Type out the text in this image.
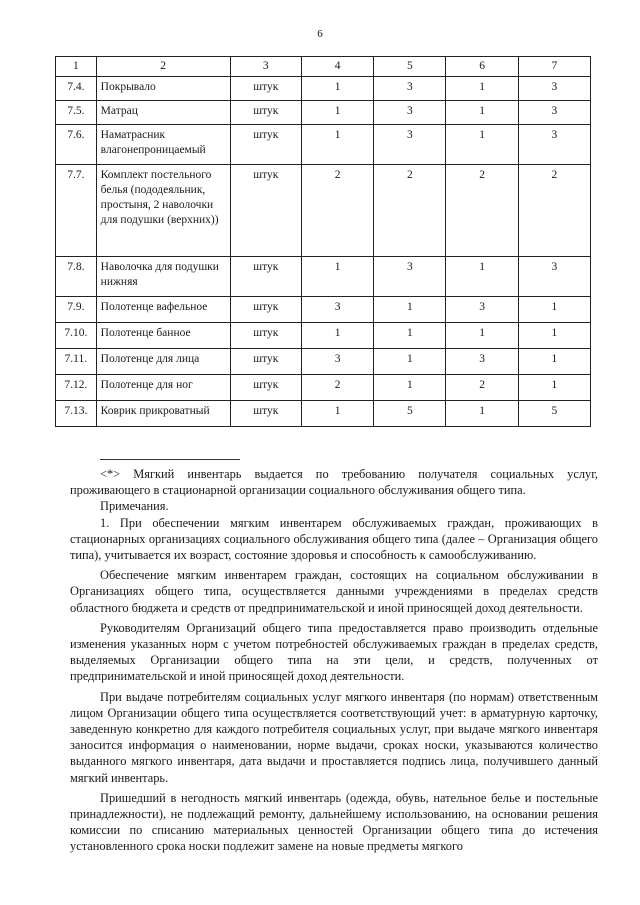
6
1	2	3	4	5	6	7
7.4.	Покрывало	штук	1	3	1	3
7.5.	Матрац	штук	1	3	1	3
7.6.	Наматрасник влагонепроницаемый	штук	1	3	1	3
7.7.	Комплект постельного белья (пододеяльник, простыня, 2 наволочки для подушки (верхних))	штук	2	2	2	2
7.8.	Наволочка для подушки нижняя	штук	1	3	1	3
7.9.	Полотенце вафельное	штук	3	1	3	1
7.10.	Полотенце банное	штук	1	1	1	1
7.11.	Полотенце для лица	штук	3	1	3	1
7.12.	Полотенце для ног	штук	2	1	2	1
7.13.	Коврик прикроватный	штук	1	5	1	5

<*> Мягкий инвентарь выдается по требованию получателя социальных услуг, проживающего в стационарной организации социального обслуживания общего типа.

Примечания.

1. При обеспечении мягким инвентарем обслуживаемых граждан, проживающих в стационарных организациях социального обслуживания общего типа (далее – Организация общего типа), учитывается их возраст, состояние здоровья и способность к самообслуживанию.

Обеспечение мягким инвентарем граждан, состоящих на социальном обслуживании в Организациях общего типа, осуществляется данными учреждениями в пределах средств областного бюджета и средств от предпринимательской и иной приносящей доход деятельности.

Руководителям Организаций общего типа предоставляется право производить отдельные изменения указанных норм с учетом потребностей обслуживаемых граждан в пределах средств, выделяемых Организации общего типа на эти цели, и средств, полученных от предпринимательской и иной приносящей доход деятельности.

При выдаче потребителям социальных услуг мягкого инвентаря (по нормам) ответственным лицом Организации общего типа осуществляется соответствующий учет: в арматурную карточку, заведенную конкретно для каждого потребителя социальных услуг, при выдаче мягкого инвентаря заносится информация о наименовании, норме выдачи, сроках носки, указываются количество выданного мягкого инвентаря, дата выдачи и проставляется подпись лица, получившего данный мягкий инвентарь.

Пришедший в негодность мягкий инвентарь (одежда, обувь, нательное белье и постельные принадлежности), не подлежащий ремонту, дальнейшему использованию, на основании решения комиссии по списанию материальных ценностей Организации общего типа до истечения установленного срока носки подлежит замене на новые предметы мягкого
